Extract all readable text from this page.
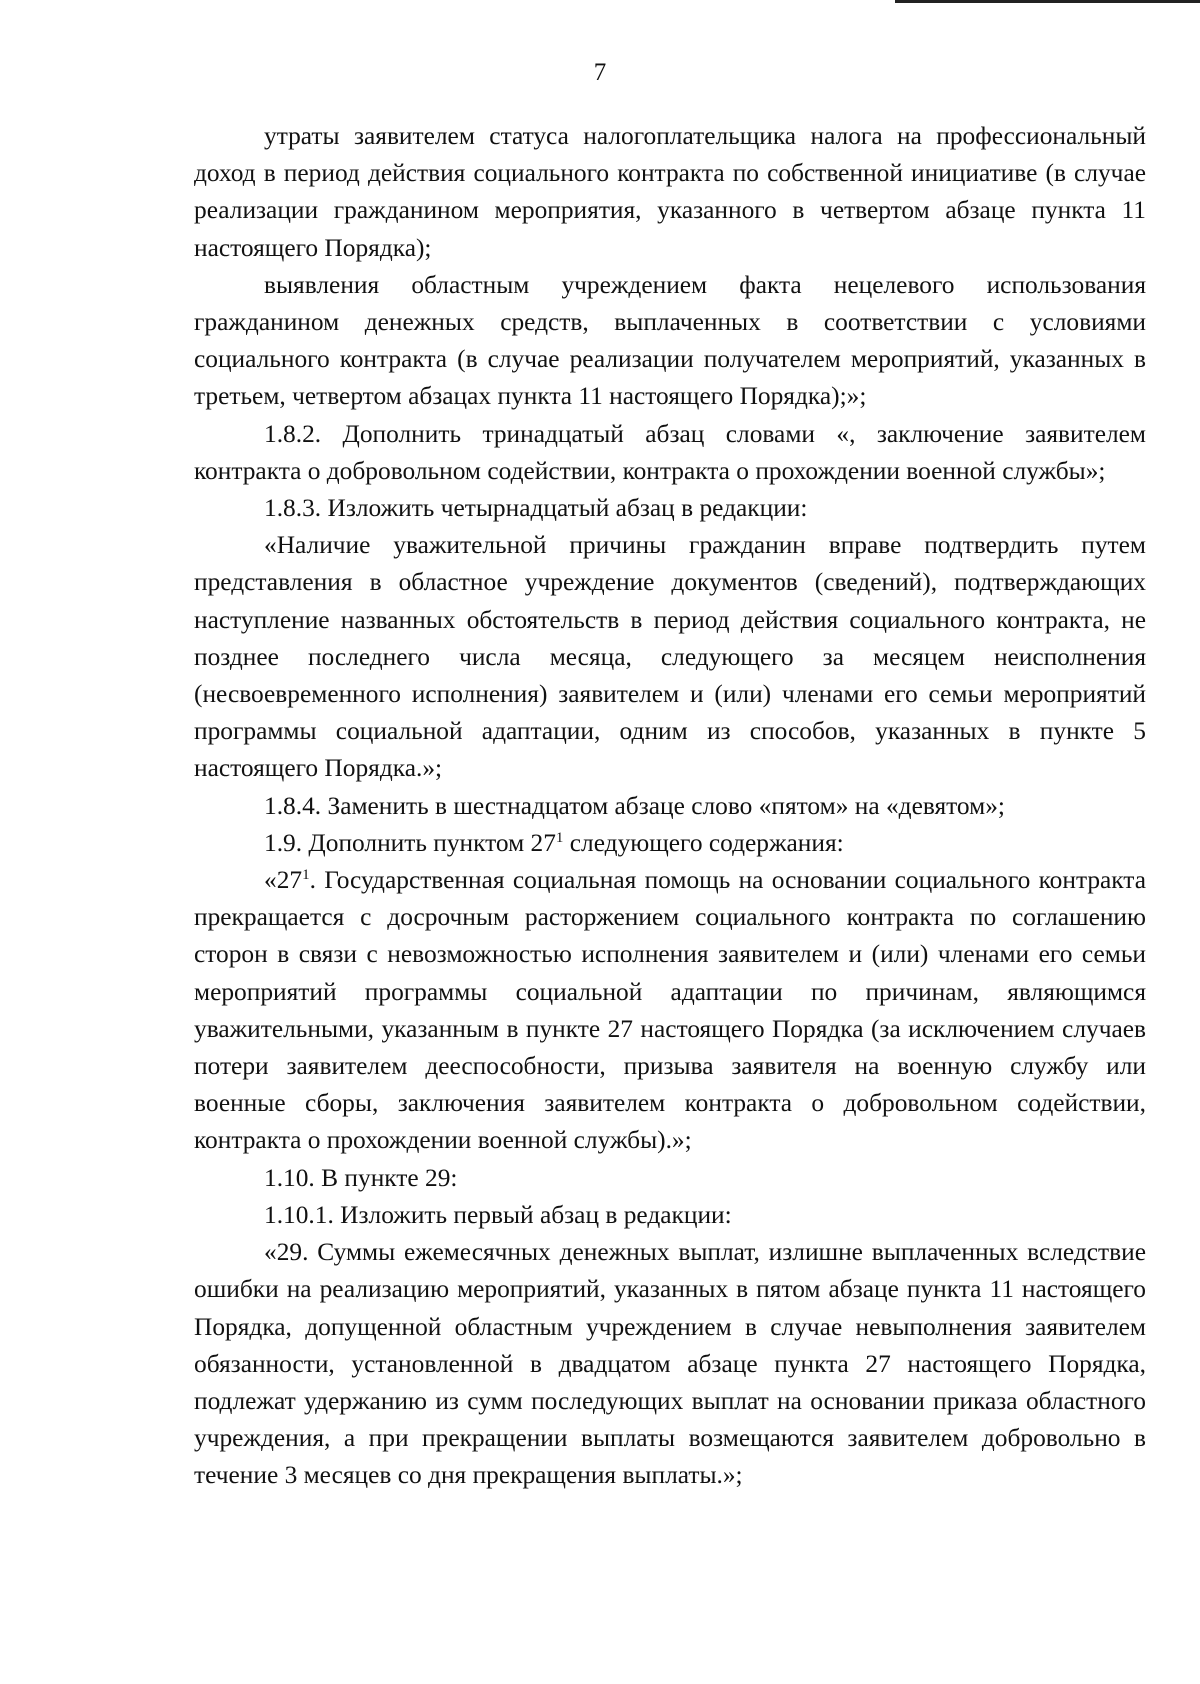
7

утраты заявителем статуса налогоплательщика налога на профессиональный доход в период действия социального контракта по собственной инициативе (в случае реализации гражданином мероприятия, указанного в четвертом абзаце пункта 11 настоящего Порядка);

выявления областным учреждением факта нецелевого использования гражданином денежных средств, выплаченных в соответствии с условиями социального контракта (в случае реализации получателем мероприятий, указанных в третьем, четвертом абзацах пункта 11 настоящего Порядка);»;

1.8.2. Дополнить тринадцатый абзац словами «, заключение заявителем контракта о добровольном содействии, контракта о прохождении военной службы»;

1.8.3. Изложить четырнадцатый абзац в редакции:

«Наличие уважительной причины гражданин вправе подтвердить путем представления в областное учреждение документов (сведений), подтверждающих наступление названных обстоятельств в период действия социального контракта, не позднее последнего числа месяца, следующего за месяцем неисполнения (несвоевременного исполнения) заявителем и (или) членами его семьи мероприятий программы социальной адаптации, одним из способов, указанных в пункте 5 настоящего Порядка.»;

1.8.4. Заменить в шестнадцатом абзаце слово «пятом» на «девятом»;

1.9. Дополнить пунктом $27^1$ следующего содержания:

«$27^1$. Государственная социальная помощь на основании социального контракта прекращается с досрочным расторжением социального контракта по соглашению сторон в связи с невозможностью исполнения заявителем и (или) членами его семьи мероприятий программы социальной адаптации по причинам, являющимся уважительными, указанным в пункте 27 настоящего Порядка (за исключением случаев потери заявителем дееспособности, призыва заявителя на военную службу или военные сборы, заключения заявителем контракта о добровольном содействии, контракта о прохождении военной службы).»;

1.10. В пункте 29:

1.10.1. Изложить первый абзац в редакции:

«29. Суммы ежемесячных денежных выплат, излишне выплаченных вследствие ошибки на реализацию мероприятий, указанных в пятом абзаце пункта 11 настоящего Порядка, допущенной областным учреждением в случае невыполнения заявителем обязанности, установленной в двадцатом абзаце пункта 27 настоящего Порядка, подлежат удержанию из сумм последующих выплат на основании приказа областного учреждения, а при прекращении выплаты возмещаются заявителем добровольно в течение 3 месяцев со дня прекращения выплаты.»;
